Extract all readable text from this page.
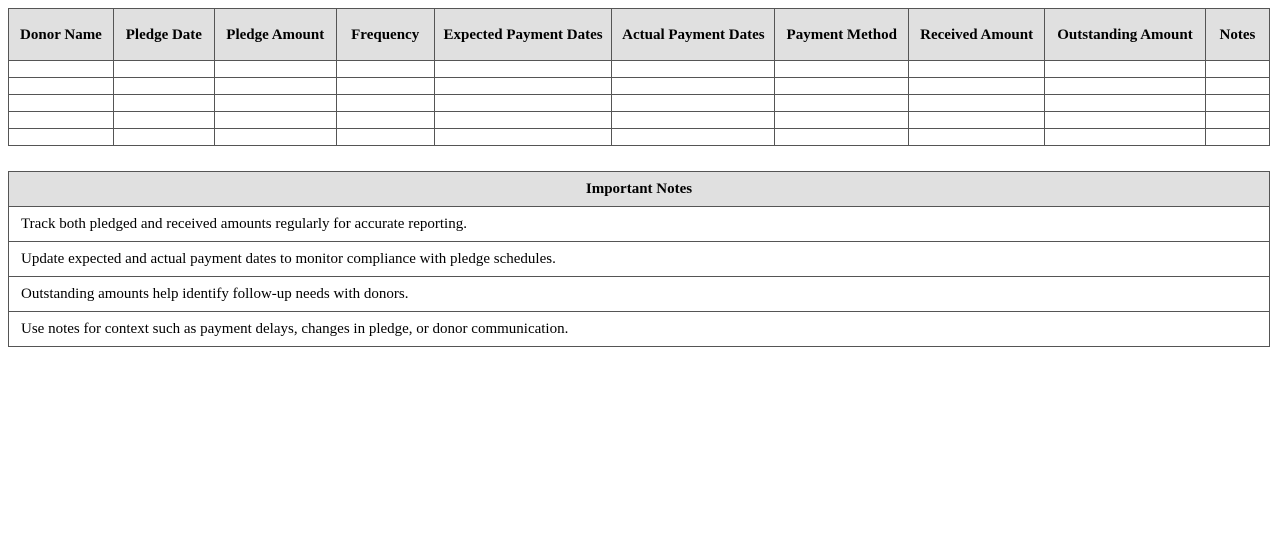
Donor Name	Pledge Date	Pledge Amount	Frequency	Expected Payment Dates	Actual Payment Dates	Payment Method	Received Amount	Outstanding Amount	Notes

Important Notes
Track both pledged and received amounts regularly for accurate reporting.
Update expected and actual payment dates to monitor compliance with pledge schedules.
Outstanding amounts help identify follow-up needs with donors.
Use notes for context such as payment delays, changes in pledge, or donor communication.
